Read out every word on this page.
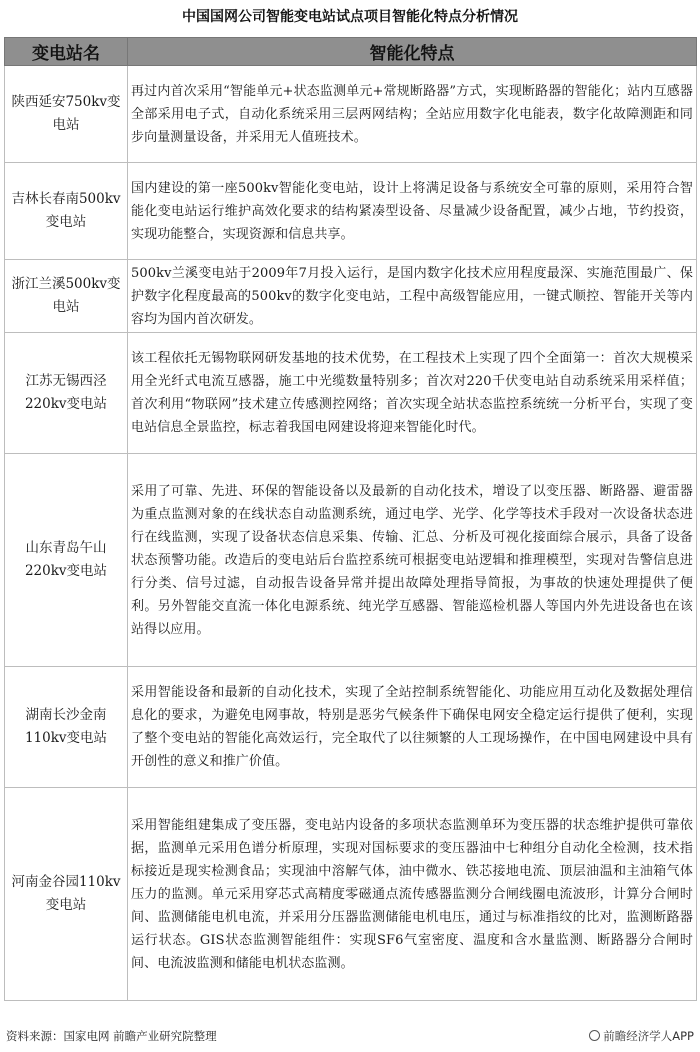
中国国网公司智能变电站试点项目智能化特点分析情况
变电站名	智能化特点
陕西延安750kv变电站	再过内首次采用“智能单元+状态监测单元+常规断路器”方式，实现断路器的智能化；站内互感器全部采用电子式，自动化系统采用三层两网结构；全站应用数字化电能表，数字化故障测距和同步向量测量设备，并采用无人值班技术。
吉林长春南500kv变电站	国内建设的第一座500kv智能化变电站，设计上将满足设备与系统安全可靠的原则，采用符合智能化变电站运行维护高效化要求的结构紧凑型设备、尽量减少设备配置，减少占地，节约投资，实现功能整合，实现资源和信息共享。
浙江兰溪500kv变电站	500kv兰溪变电站于2009年7月投入运行，是国内数字化技术应用程度最深、实施范围最广、保护数字化程度最高的500kv的数字化变电站，工程中高级智能应用，一键式顺控、智能开关等内容均为国内首次研发。
江苏无锡西泾220kv变电站	该工程依托无锡物联网研发基地的技术优势，在工程技术上实现了四个全面第一：首次大规模采用全光纤式电流互感器，施工中光缆数量特别多；首次对220千伏变电站自动系统采用采样值；首次利用“物联网”技术建立传感测控网络；首次实现全站状态监控系统统一分析平台，实现了变电站信息全景监控，标志着我国电网建设将迎来智能化时代。
山东青岛午山220kv变电站	采用了可靠、先进、环保的智能设备以及最新的自动化技术，增设了以变压器、断路器、避雷器为重点监测对象的在线状态自动监测系统，通过电学、光学、化学等技术手段对一次设备状态进行在线监测，实现了设备状态信息采集、传输、汇总、分析及可视化接面综合展示，具备了设备状态预警功能。改造后的变电站后台监控系统可根据变电站逻辑和推理模型，实现对告警信息进行分类、信号过滤，自动报告设备异常并提出故障处理指导简报，为事故的快速处理提供了便利。另外智能交直流一体化电源系统、纯光学互感器、智能巡检机器人等国内外先进设备也在该站得以应用。
湖南长沙金南110kv变电站	采用智能设备和最新的自动化技术，实现了全站控制系统智能化、功能应用互动化及数据处理信息化的要求，为避免电网事故，特别是恶劣气候条件下确保电网安全稳定运行提供了便利，实现了整个变电站的智能化高效运行，完全取代了以往频繁的人工现场操作，在中国电网建设中具有开创性的意义和推广价值。
河南金谷园110kv变电站	采用智能组建集成了变压器，变电站内设备的多项状态监测单环为变压器的状态维护提供可靠依据，监测单元采用色谱分析原理，实现对国标要求的变压器油中七种组分自动化全检测，技术指标接近是现实检测食品；实现油中溶解气体，油中微水、铁芯接地电流、顶层油温和主油箱气体压力的监测。单元采用穿芯式高精度零磁通点流传感器监测分合闸线圈电流波形，计算分合闸时间、监测储能电机电流，并采用分压器监测储能电机电压，通过与标准指纹的比对，监测断路器运行状态。GIS状态监测智能组件：实现SF6气室密度、温度和含水量监测、断路器分合闸时间、电流波监测和储能电机状态监测。
资料来源：国家电网 前瞻产业研究院整理	前瞻经济学人APP
